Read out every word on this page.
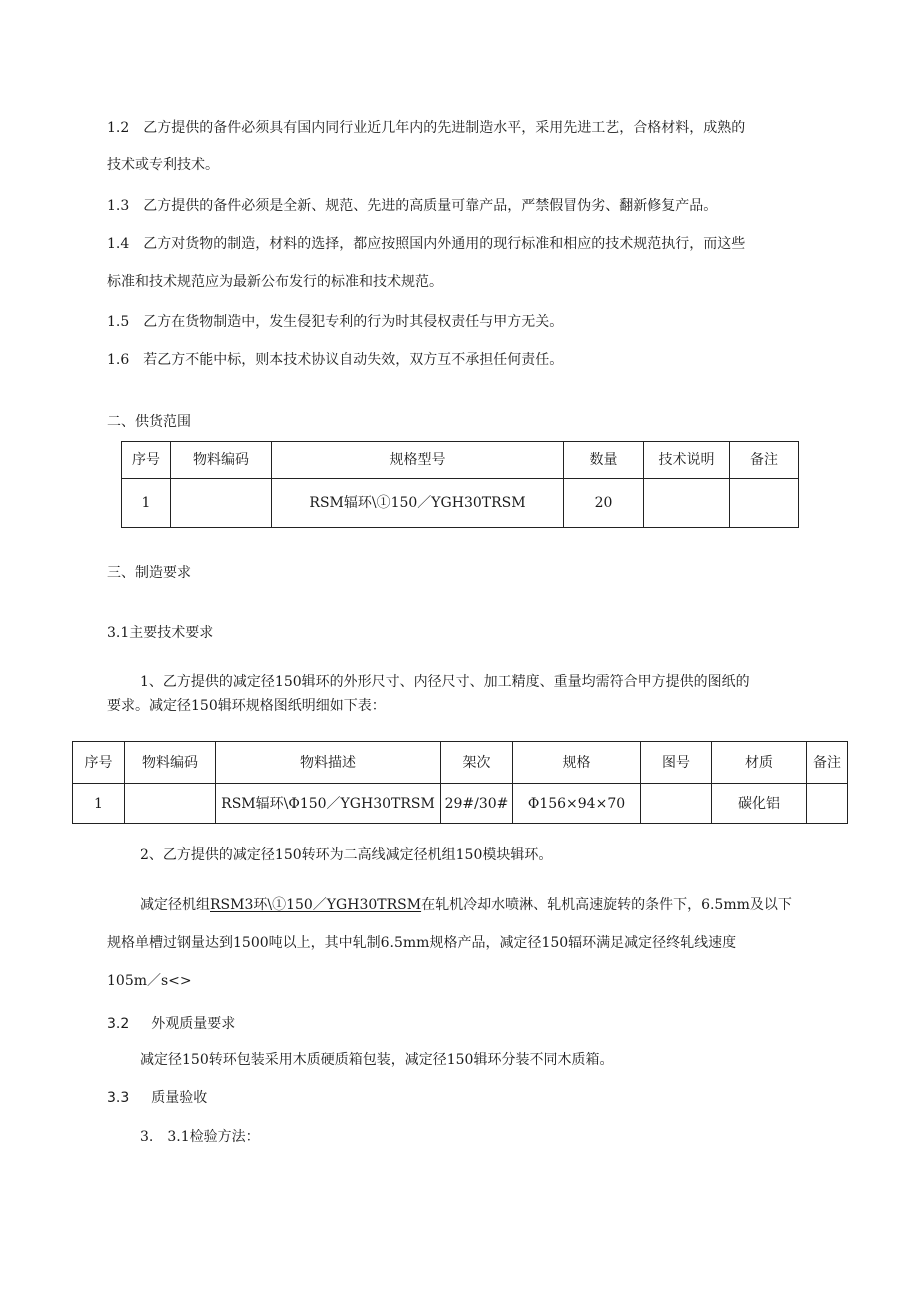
1.2　乙方提供的备件必须具有国内同行业近几年内的先进制造水平，采用先进工艺，合格材料，成熟的
技术或专利技术。
1.3　乙方提供的备件必须是全新、规范、先进的高质量可靠产品，严禁假冒伪劣、翻新修复产品。
1.4　乙方对货物的制造，材料的选择，都应按照国内外通用的现行标准和相应的技术规范执行，而这些
标准和技术规范应为最新公布发行的标准和技术规范。
1.5　乙方在货物制造中，发生侵犯专利的行为时其侵权责任与甲方无关。
1.6　若乙方不能中标，则本技术协议自动失效，双方互不承担任何责任。
二、供货范围
序号	物料编码	规格型号	数量	技术说明	备注
1		RSM辐环\①150／YGH30TRSM	20		
三、制造要求
3.1主要技术要求
1、乙方提供的减定径150辑环的外形尺寸、内径尺寸、加工精度、重量均需符合甲方提供的图纸的
要求。减定径150辑环规格图纸明细如下表：
序号	物料编码	物料描述	架次	规格	图号	材质	备注
1		RSM辐环\Φ150／YGH30TRSM	29#/30#	Φ156×94×70		碳化铝	
2、乙方提供的减定径150转环为二高线减定径机组150模块辑环。
减定径机组RSM3环\①150／YGH30TRSM在轧机冷却水喷淋、轧机高速旋转的条件下，6.5mm及以下
规格单槽过钢量达到1500吨以上，其中轧制6.5mm规格产品，减定径150辐环满足减定径终轧线速度
105m／s<>
3.2 外观质量要求
减定径150转环包装采用木质硬质箱包装，减定径150辑环分装不同木质箱。
3.3 质量验收
3.　3.1检验方法：
